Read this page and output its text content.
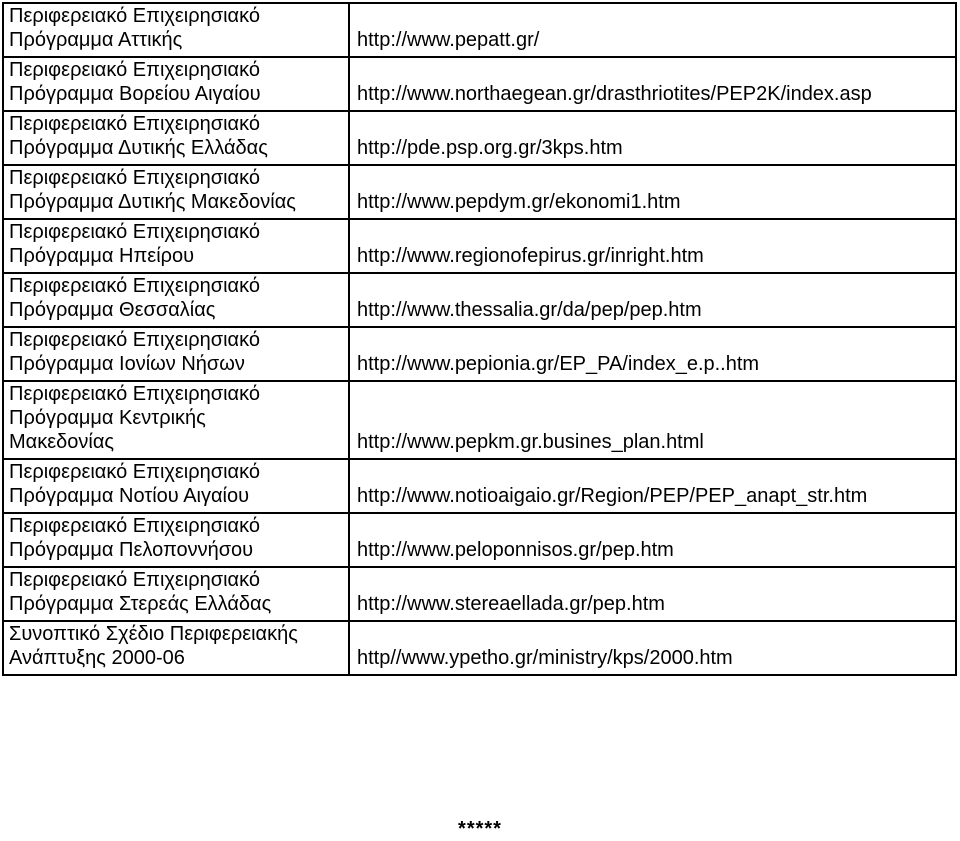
Περιφερειακό Επιχειρησιακό
Πρόγραμμα Αττικής	http://www.pepatt.gr/

Περιφερειακό Επιχειρησιακό
Πρόγραμμα Βορείου Αιγαίου	http://www.northaegean.gr/drasthriotites/PEP2K/index.asp

Περιφερειακό Επιχειρησιακό
Πρόγραμμα Δυτικής Ελλάδας	http://pde.psp.org.gr/3kps.htm

Περιφερειακό Επιχειρησιακό
Πρόγραμμα Δυτικής Μακεδονίας	http://www.pepdym.gr/ekonomi1.htm

Περιφερειακό Επιχειρησιακό
Πρόγραμμα Ηπείρου	http://www.regionofepirus.gr/inright.htm

Περιφερειακό Επιχειρησιακό
Πρόγραμμα Θεσσαλίας	http://www.thessalia.gr/da/pep/pep.htm

Περιφερειακό Επιχειρησιακό
Πρόγραμμα Ιονίων Νήσων	http://www.pepionia.gr/EP_PA/index_e.p..htm

Περιφερειακό Επιχειρησιακό
Πρόγραμμα Κεντρικής
Μακεδονίας	http://www.pepkm.gr.busines_plan.html

Περιφερειακό Επιχειρησιακό
Πρόγραμμα Νοτίου Αιγαίου	http://www.notioaigaio.gr/Region/PEP/PEP_anapt_str.htm

Περιφερειακό Επιχειρησιακό
Πρόγραμμα Πελοποννήσου	http://www.peloponnisos.gr/pep.htm

Περιφερειακό Επιχειρησιακό
Πρόγραμμα Στερεάς Ελλάδας	http://www.stereaellada.gr/pep.htm

Συνοπτικό Σχέδιο Περιφερειακής
Ανάπτυξης 2000-06	http//www.ypetho.gr/ministry/kps/2000.htm
*****
